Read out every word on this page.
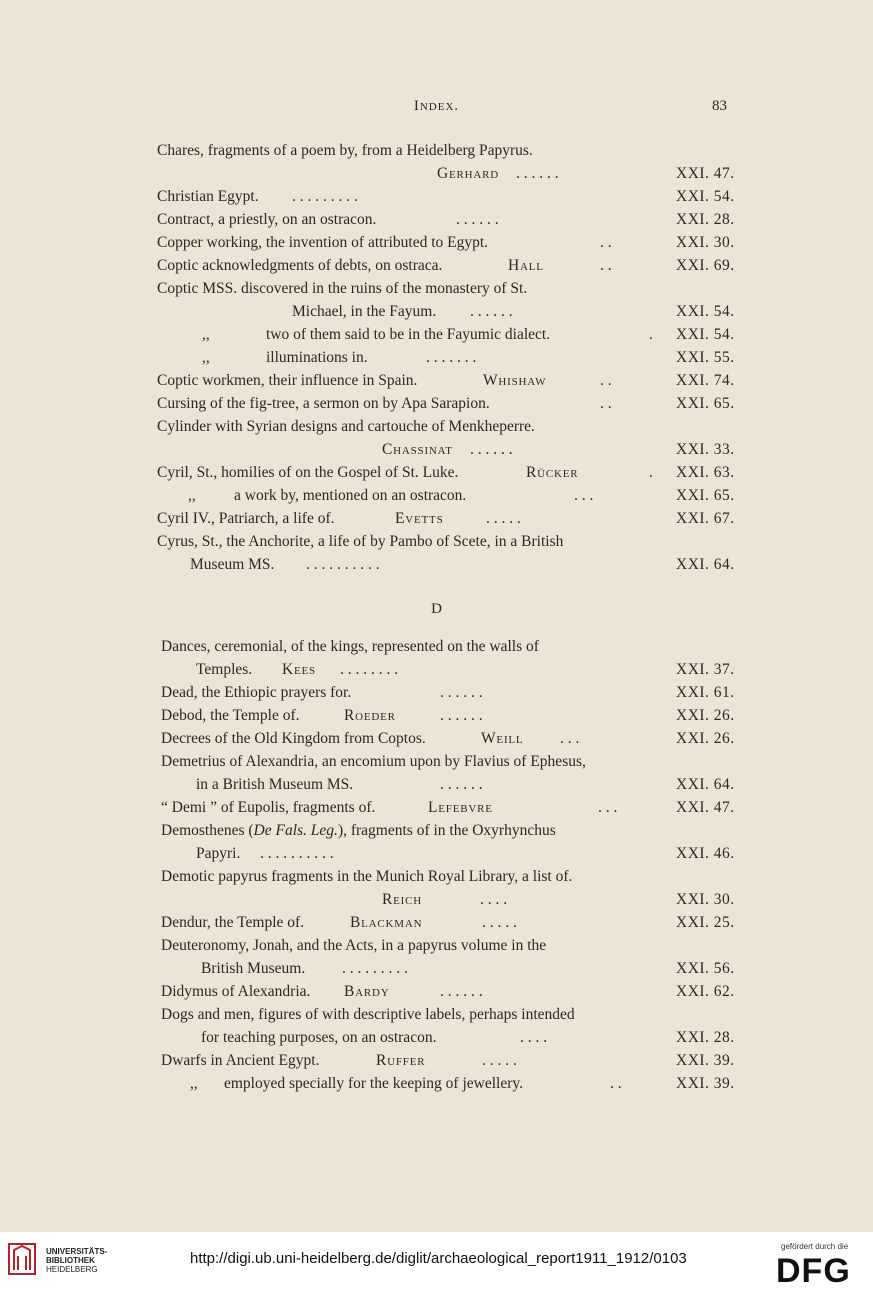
Index.	83
Chares, fragments of a poem by, from a Heidelberg Papyrus.
Gerhard . . . . . .	XXI. 47.
Christian Egypt. . . . . . . . . .	XXI. 54.
Contract, a priestly, on an ostracon.	. . . . . .	XXI. 28.
Copper working, the invention of attributed to Egypt.	. .	XXI. 30.
Coptic acknowledgments of debts, on ostraca.	Hall	. .	XXI. 69.
Coptic MSS. discovered in the ruins of the monastery of St.
Michael, in the Fayum. . . . . . .	XXI. 54.
,,	two of them said to be in the Fayumic dialect.	. XXI. 54.
,,	illuminations in.	. . . . . . .	XXI. 55.
Coptic workmen, their influence in Spain.	Whishaw	. .	XXI. 74.
Cursing of the fig-tree, a sermon on by Apa Sarapion.	. .	XXI. 65.
Cylinder with Syrian designs and cartouche of Menkheperre.
Chassinat . . . . . .	XXI. 33.
Cyril, St., homilies of on the Gospel of St. Luke.	Rücker	. XXI. 63.
,, a work by, mentioned on an ostracon.	. . .	XXI. 65.
Cyril IV., Patriarch, a life of.	Evetts	. . . . .	XXI. 67.
Cyrus, St., the Anchorite, a life of by Pambo of Scete, in a British
Museum MS. . . . . . . . . . .	XXI. 64.
D
Dances, ceremonial, of the kings, represented on the walls of
Temples. Kees . . . . . . . .	XXI. 37.
Dead, the Ethiopic prayers for.	. . . . . .	XXI. 61.
Debod, the Temple of.	Roeder	. . . . . .	XXI. 26.
Decrees of the Old Kingdom from Coptos.	Weill . . .	XXI. 26.
Demetrius of Alexandria, an encomium upon by Flavius of Ephesus,
in a British Museum MS.	. . . . . .	XXI. 64.
“ Demi ” of Eupolis, fragments of.	Lefebvre	. . .	XXI. 47.
Demosthenes (De Fals. Leg.), fragments of in the Oxyrhynchus
Papyri. . . . . . . . . . .	XXI. 46.
Demotic papyrus fragments in the Munich Royal Library, a list of.
Reich	. . . .	XXI. 30.
Dendur, the Temple of.	Blackman	. . . . .	XXI. 25.
Deuteronomy, Jonah, and the Acts, in a papyrus volume in the
British Museum. . . . . . . . . .	XXI. 56.
Didymus of Alexandria. Bardy	. . . . . .	XXI. 62.
Dogs and men, figures of with descriptive labels, perhaps intended
for teaching purposes, on an ostracon.	. . . .	XXI. 28.
Dwarfs in Ancient Egypt.	Ruffer	. . . . .	XXI. 39.
,, employed specially for the keeping of jewellery.	. .	XXI. 39.
UNIVERSITÄTS-
BIBLIOTHEK
HEIDELBERG
http://digi.ub.uni-heidelberg.de/diglit/archaeological_report1911_1912/0103
gefördert durch die
DFG
